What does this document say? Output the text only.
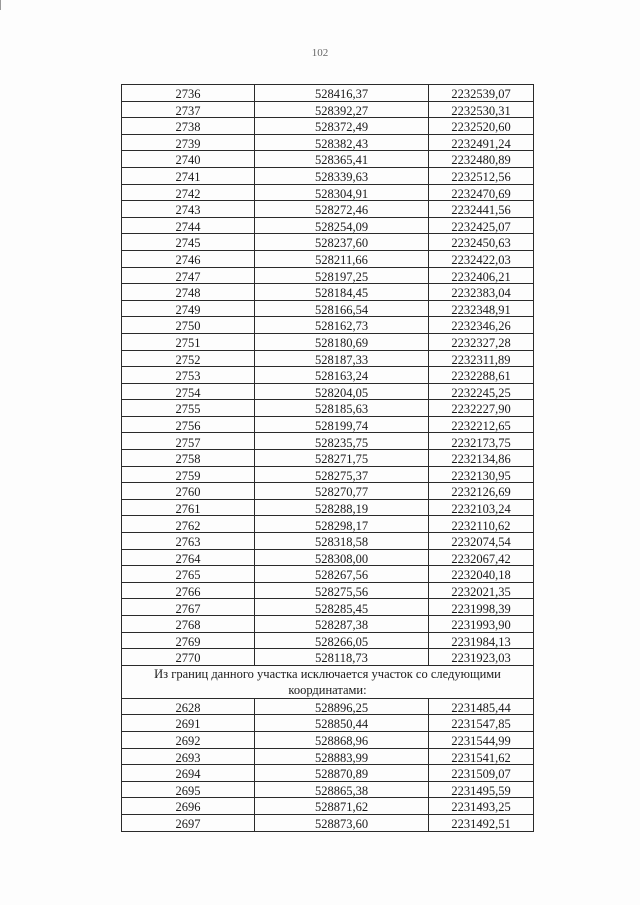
102
2736	528416,37	2232539,07
2737	528392,27	2232530,31
2738	528372,49	2232520,60
2739	528382,43	2232491,24
2740	528365,41	2232480,89
2741	528339,63	2232512,56
2742	528304,91	2232470,69
2743	528272,46	2232441,56
2744	528254,09	2232425,07
2745	528237,60	2232450,63
2746	528211,66	2232422,03
2747	528197,25	2232406,21
2748	528184,45	2232383,04
2749	528166,54	2232348,91
2750	528162,73	2232346,26
2751	528180,69	2232327,28
2752	528187,33	2232311,89
2753	528163,24	2232288,61
2754	528204,05	2232245,25
2755	528185,63	2232227,90
2756	528199,74	2232212,65
2757	528235,75	2232173,75
2758	528271,75	2232134,86
2759	528275,37	2232130,95
2760	528270,77	2232126,69
2761	528288,19	2232103,24
2762	528298,17	2232110,62
2763	528318,58	2232074,54
2764	528308,00	2232067,42
2765	528267,56	2232040,18
2766	528275,56	2232021,35
2767	528285,45	2231998,39
2768	528287,38	2231993,90
2769	528266,05	2231984,13
2770	528118,73	2231923,03
Из границ данного участка исключается участок со следующими координатами:		
2628	528896,25	2231485,44
2691	528850,44	2231547,85
2692	528868,96	2231544,99
2693	528883,99	2231541,62
2694	528870,89	2231509,07
2695	528865,38	2231495,59
2696	528871,62	2231493,25
2697	528873,60	2231492,51
